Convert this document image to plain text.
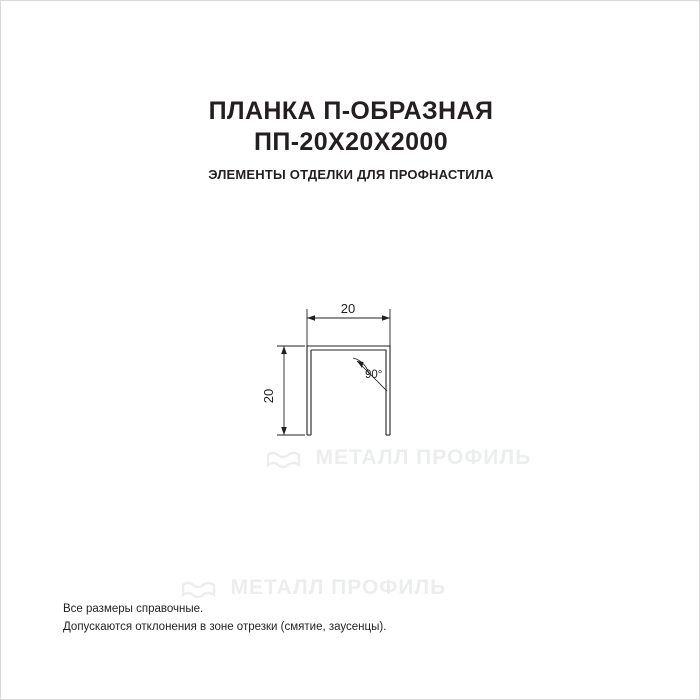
ПЛАНКА П-ОБРАЗНАЯ
ПП-20Х20Х2000
ЭЛЕМЕНТЫ ОТДЕЛКИ ДЛЯ ПРОФНАСТИЛА
МЕТАЛЛ ПРОФИЛЬ
МЕТАЛЛ ПРОФИЛЬ
20
20
90°
Все размеры справочные.
Допускаются отклонения в зоне отрезки (смятие, заусенцы).
